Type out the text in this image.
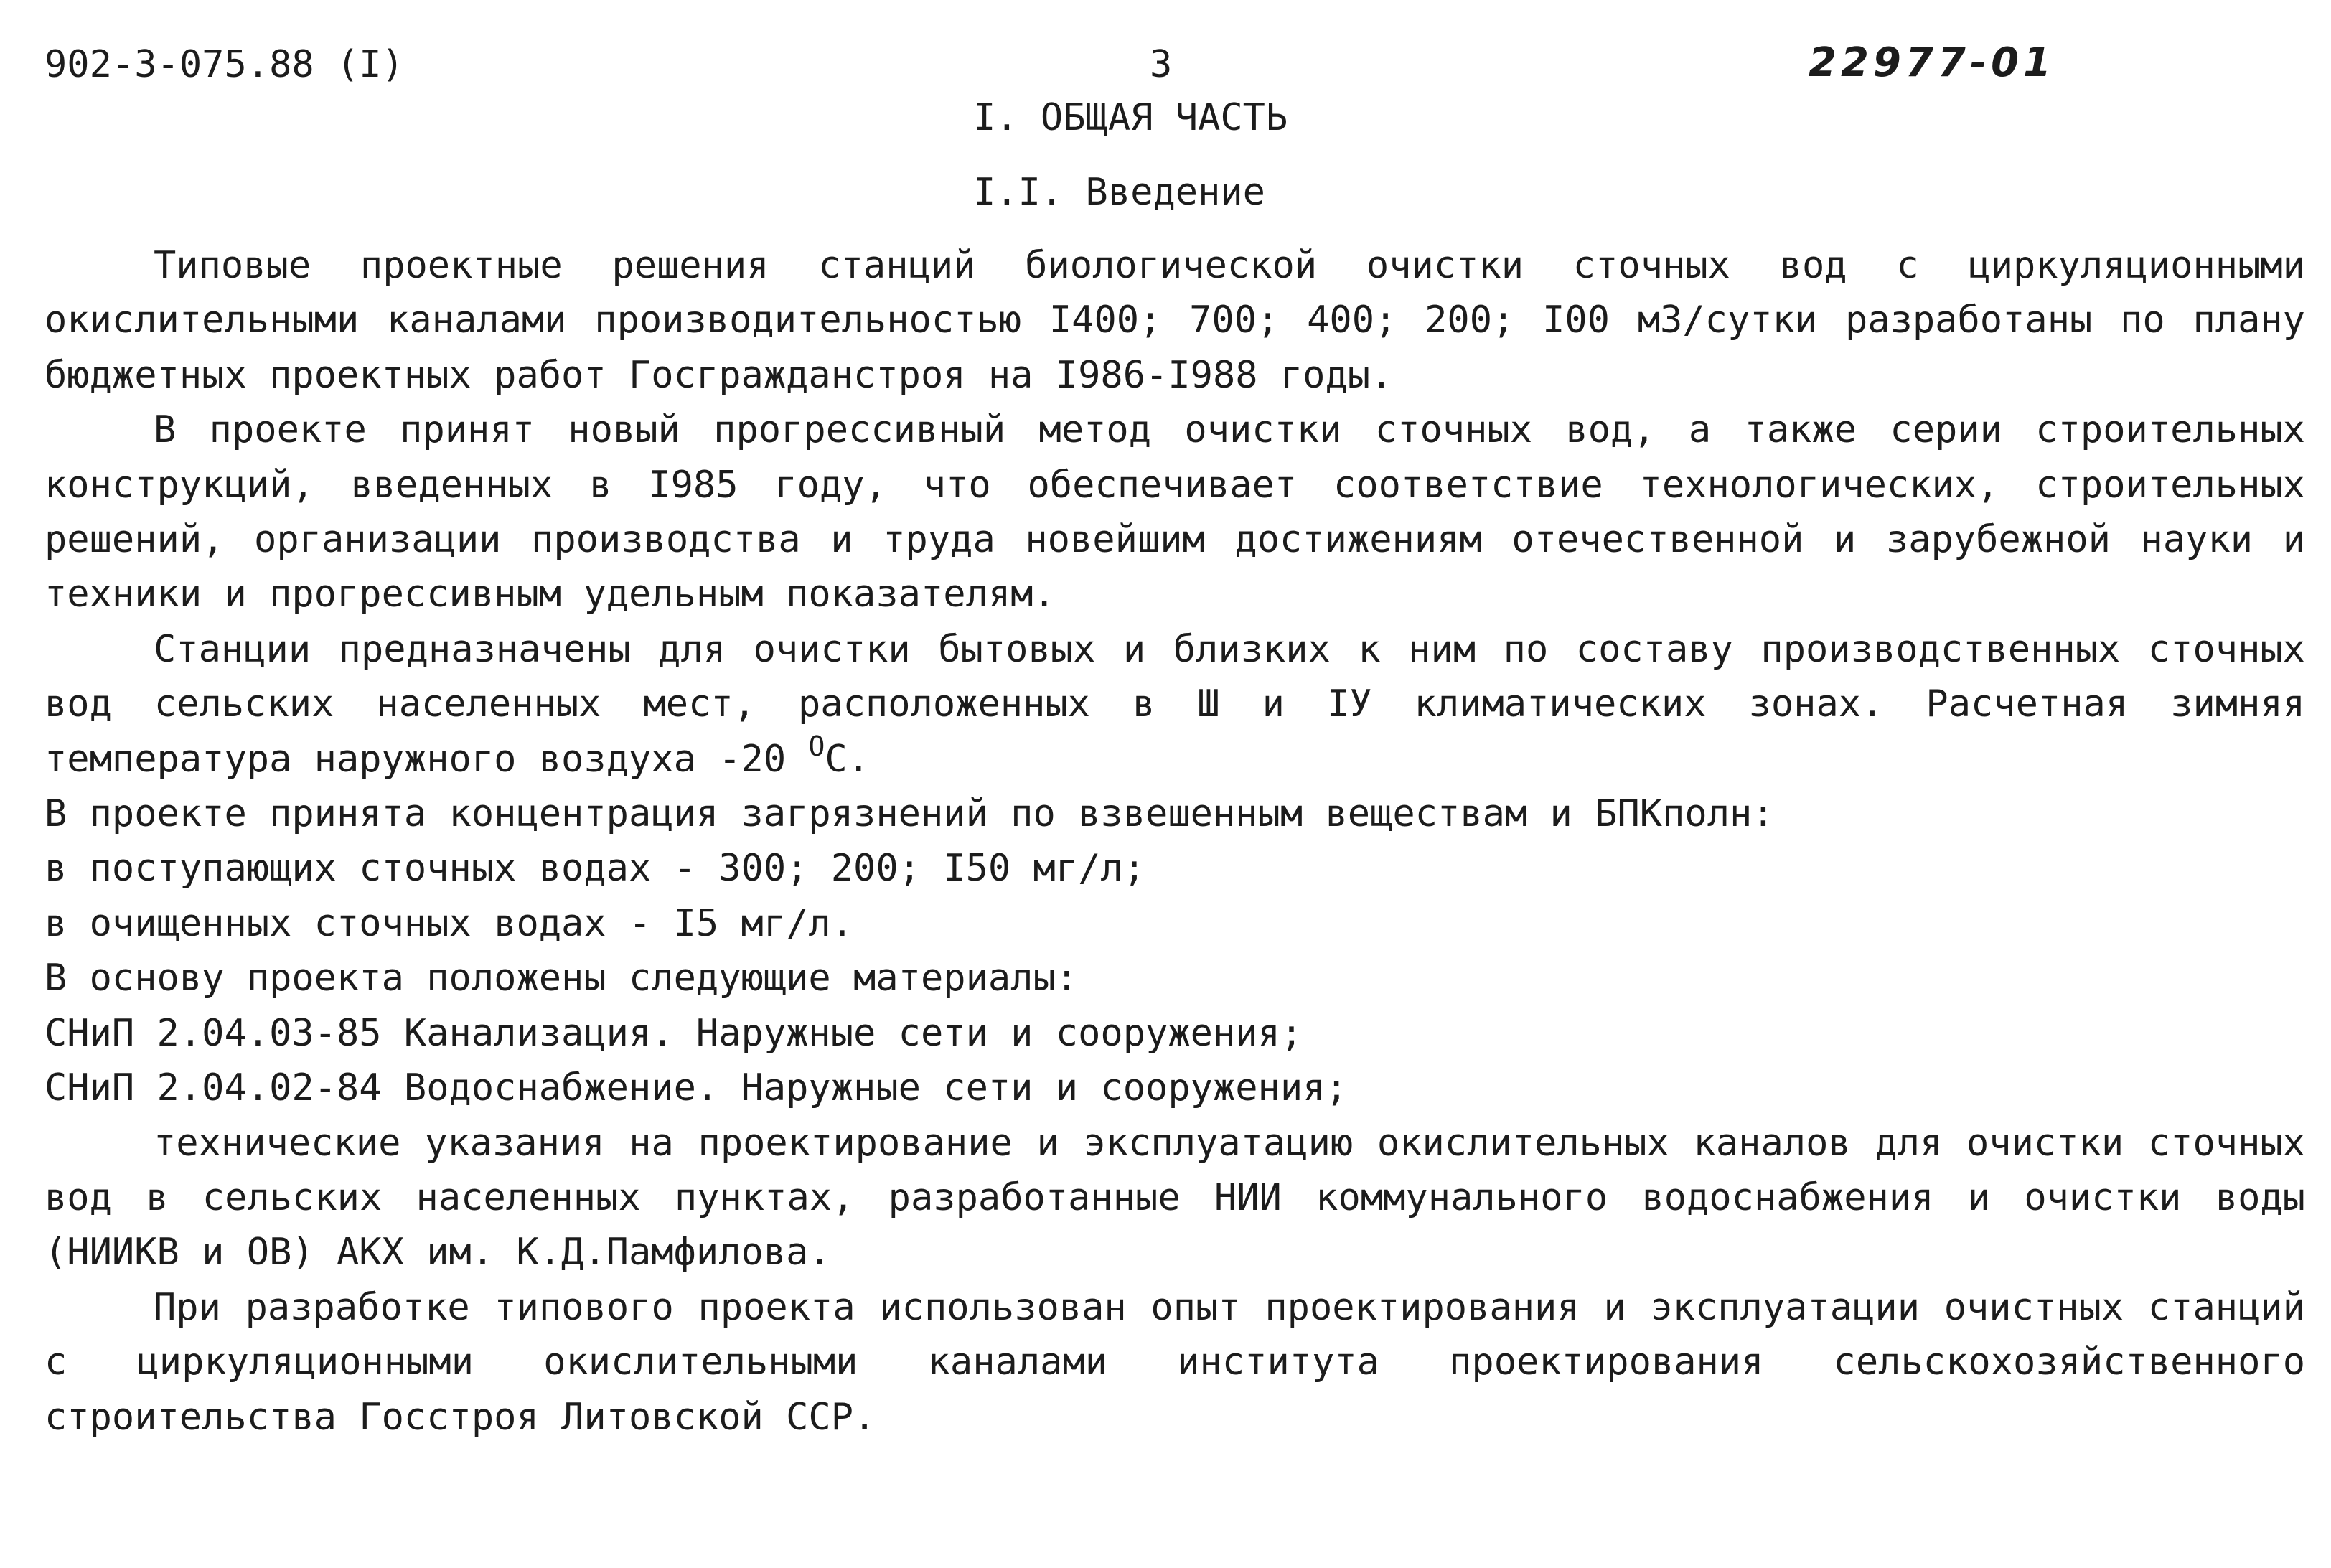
902-3-075.88 (I)	3	22977-01
I. ОБЩАЯ ЧАСТЬ
I.I. Введение

Типовые проектные решения станций биологической очистки сточных вод с циркуляционными окислительными каналами производительностью I400; 700; 400; 200; I00 м3/сутки разработаны по плану бюджетных проектных работ Госгражданстроя на I986-I988 годы.

В проекте принят новый прогрессивный метод очистки сточных вод, а также серии строительных конструкций, введенных в I985 году, что обеспечивает соответствие технологических, строительных решений, организации производства и труда новейшим достижениям отечественной и зарубежной науки и техники и прогрессивным удельным показателям.

Станции предназначены для очистки бытовых и близких к ним по составу производственных сточных вод сельских населенных мест, расположенных в Ш и IУ климатических зонах. Расчетная зимняя температура наружного воздуха -20 $^О$С.

В проекте принята концентрация загрязнений по взвешенным веществам и БПКполн:

в поступающих сточных водах - 300; 200; I50 мг/л;

в очищенных сточных водах - I5 мг/л.

В основу проекта положены следующие материалы:

СНиП 2.04.03-85 Канализация. Наружные сети и сооружения;

СНиП 2.04.02-84 Водоснабжение. Наружные сети и сооружения;

технические указания на проектирование и эксплуатацию окислительных каналов для очистки сточных вод в сельских населенных пунктах, разработанные НИИ коммунального водоснабжения и очистки воды (НИИКВ и ОВ) АКХ им. К.Д.Памфилова.

При разработке типового проекта использован опыт проектирования и эксплуатации очистных станций с циркуляционными окислительными каналами института проектирования сельскохозяйственного строительства Госстроя Литовской ССР.
